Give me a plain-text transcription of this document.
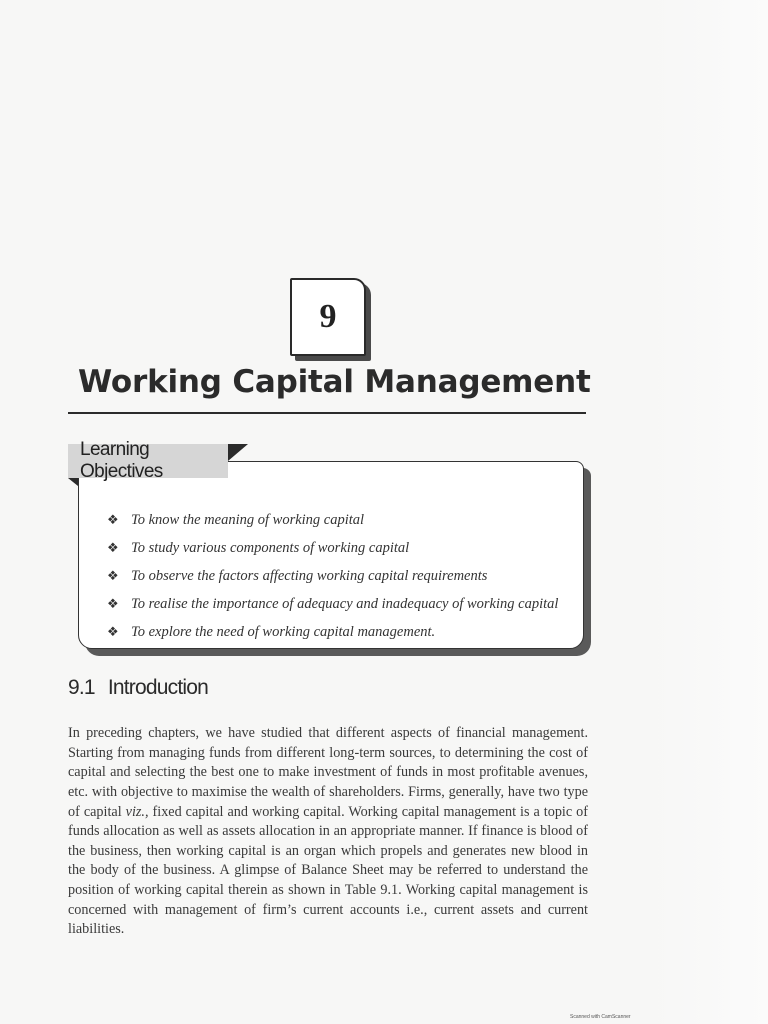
9
Working Capital Management
❖ To know the meaning of working capital
❖ To study various components of working capital
❖ To observe the factors affecting working capital requirements
❖ To realise the importance of adequacy and inadequacy of working capital
❖ To explore the need of working capital management.
Learning Objectives
9.1 Introduction

In preceding chapters, we have studied that different aspects of financial management. Starting from managing funds from different long-term sources, to determining the cost of capital and selecting the best one to make investment of funds in most profitable avenues, etc. with objective to maximise the wealth of shareholders. Firms, generally, have two type of capital viz., fixed capital and working capital. Working capital management is a topic of funds allocation as well as assets allocation in an appropriate manner. If finance is blood of the business, then working capital is an organ which propels and generates new blood in the body of the business. A glimpse of Balance Sheet may be referred to understand the position of working capital therein as shown in Table 9.1. Working capital management is concerned with management of firm’s current accounts i.e., current assets and current liabilities.

Scanned with CamScanner
